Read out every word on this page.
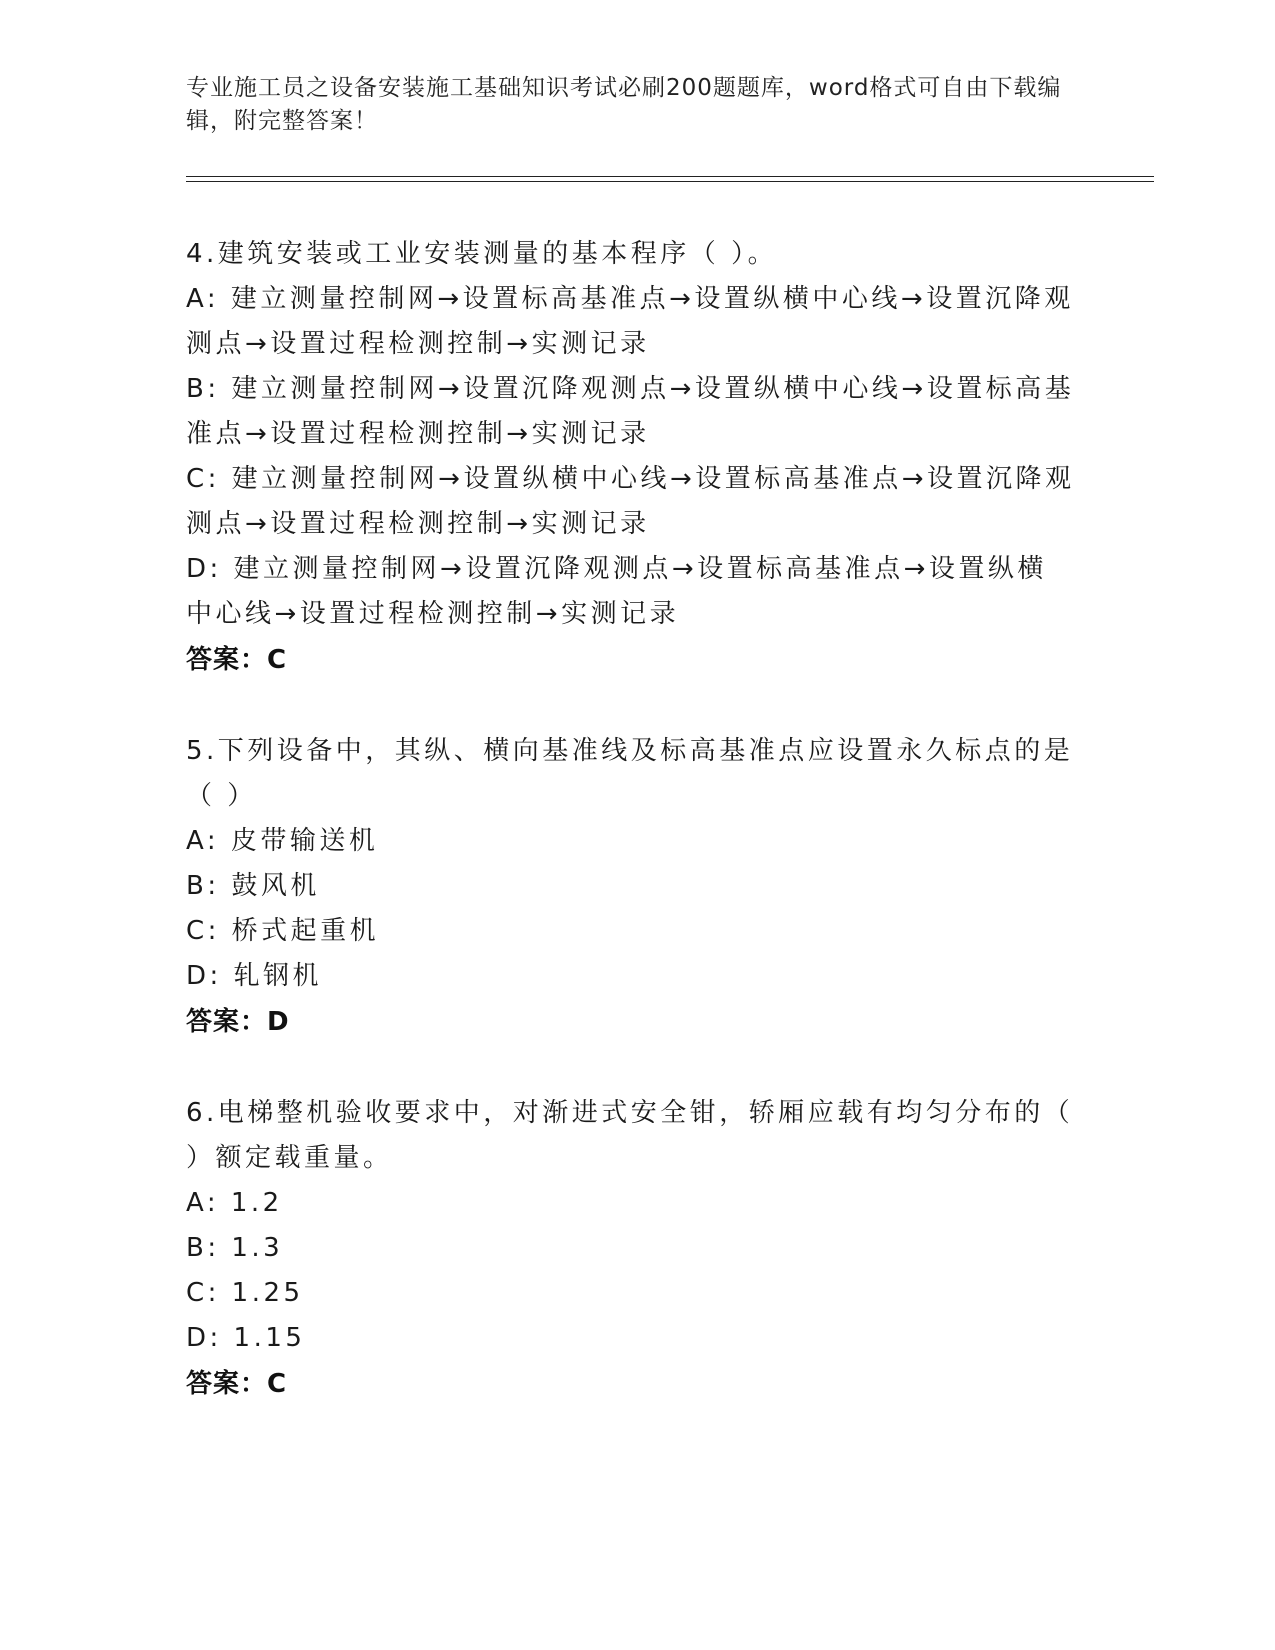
专业施工员之设备安装施工基础知识考试必刷200题题库，word格式可自由下载编辑，附完整答案！
4.建筑安装或工业安装测量的基本程序（ ）。
A: 建立测量控制网→设置标高基准点→设置纵横中心线→设置沉降观测点→设置过程检测控制→实测记录
B: 建立测量控制网→设置沉降观测点→设置纵横中心线→设置标高基准点→设置过程检测控制→实测记录
C: 建立测量控制网→设置纵横中心线→设置标高基准点→设置沉降观测点→设置过程检测控制→实测记录
D: 建立测量控制网→设置沉降观测点→设置标高基准点→设置纵横中心线→设置过程检测控制→实测记录
答案：C
5.下列设备中，其纵、横向基准线及标高基准点应设置永久标点的是（ ）
A: 皮带输送机
B: 鼓风机
C: 桥式起重机
D: 轧钢机
答案：D
6.电梯整机验收要求中，对渐进式安全钳，轿厢应载有均匀分布的（ ）额定载重量。
A: 1.2
B: 1.3
C: 1.25
D: 1.15
答案：C
